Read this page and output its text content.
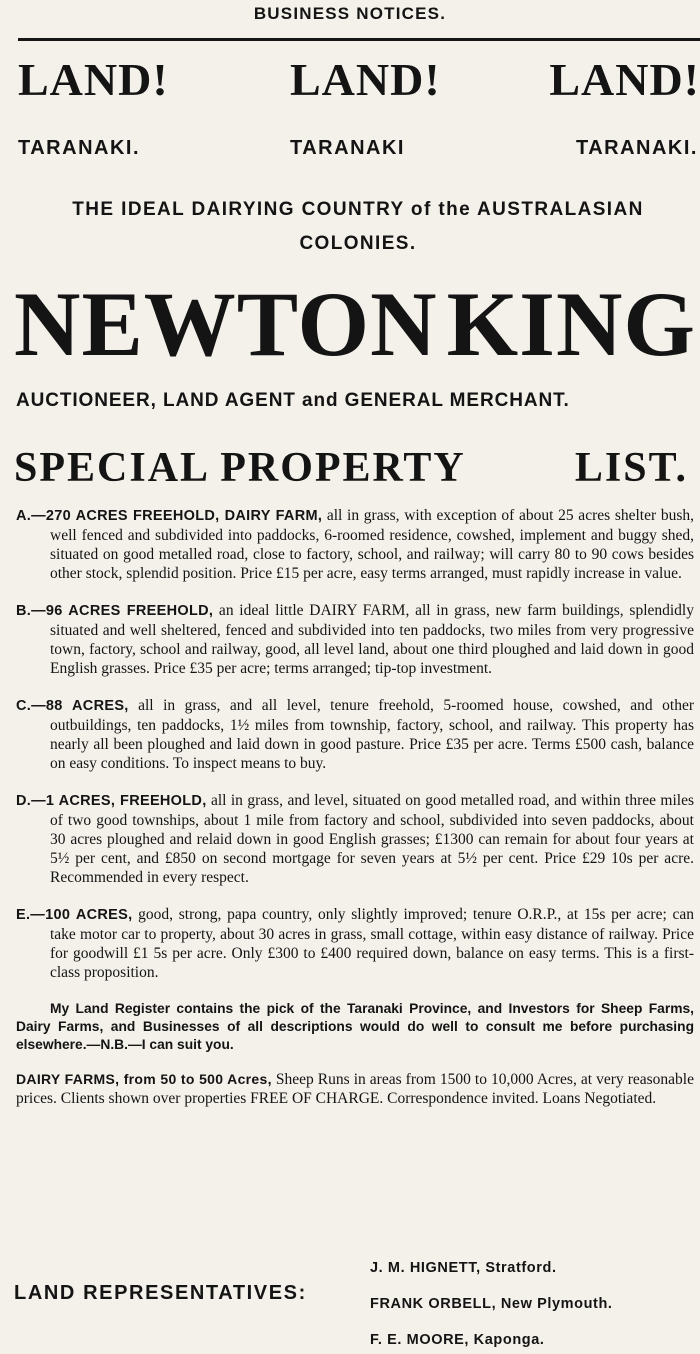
BUSINESS NOTICES.
LAND!	LAND! LAND!
TARANAKI.	TARANAKI	TARANAKI.
THE IDEAL DAIRYING COUNTRY of the AUSTRALASIAN
COLONIES.
NEWTON KING
AUCTIONEER, LAND AGENT and GENERAL MERCHANT.
SPECIAL PROPERTY	LIST.

A.—270 ACRES FREEHOLD, DAIRY FARM, all in grass, with exception of about 25 acres shelter bush, well fenced and subdivided into paddocks, 6-roomed residence, cowshed, implement and buggy shed, situated on good metalled road, close to factory, school, and railway; will carry 80 to 90 cows besides other stock, splendid position. Price £15 per acre, easy terms arranged, must rapidly increase in value.

B.—96 ACRES FREEHOLD, an ideal little DAIRY FARM, all in grass, new farm buildings, splendidly situated and well sheltered, fenced and subdivided into ten paddocks, two miles from very progressive town, factory, school and railway, good, all level land, about one third ploughed and laid down in good English grasses. Price £35 per acre; terms arranged; tip-top investment.

C.—88 ACRES, all in grass, and all level, tenure freehold, 5-roomed house, cowshed, and other outbuildings, ten paddocks, 1½ miles from township, factory, school, and railway. This property has nearly all been ploughed and laid down in good pasture. Price £35 per acre. Terms £500 cash, balance on easy conditions. To inspect means to buy.

D.—1 ACRES, FREEHOLD, all in grass, and level, situated on good metalled road, and within three miles of two good townships, about 1 mile from factory and school, subdivided into seven paddocks, about 30 acres ploughed and relaid down in good English grasses; £1300 can remain for about four years at 5½ per cent, and £850 on second mortgage for seven years at 5½ per cent. Price £29 10s per acre. Recommended in every respect.

E.—100 ACRES, good, strong, papa country, only slightly improved; tenure O.R.P., at 15s per acre; can take motor car to property, about 30 acres in grass, small cottage, within easy distance of railway. Price for goodwill £1 5s per acre. Only £300 to £400 required down, balance on easy terms. This is a first-class proposition.

My Land Register contains the pick of the Taranaki Province, and Investors for Sheep Farms, Dairy Farms, and Businesses of all descriptions would do well to consult me before purchasing elsewhere.—N.B.—I can suit you.

DAIRY FARMS, from 50 to 500 Acres, Sheep Runs in areas from 1500 to 10,000 Acres, at very reasonable prices. Clients shown over properties FREE OF CHARGE. Correspondence invited. Loans Negotiated.

LAND REPRESENTATIVES:
J. M. HIGNETT, Stratford.
FRANK ORBELL, New Plymouth.
F. E. MOORE, Kaponga.
